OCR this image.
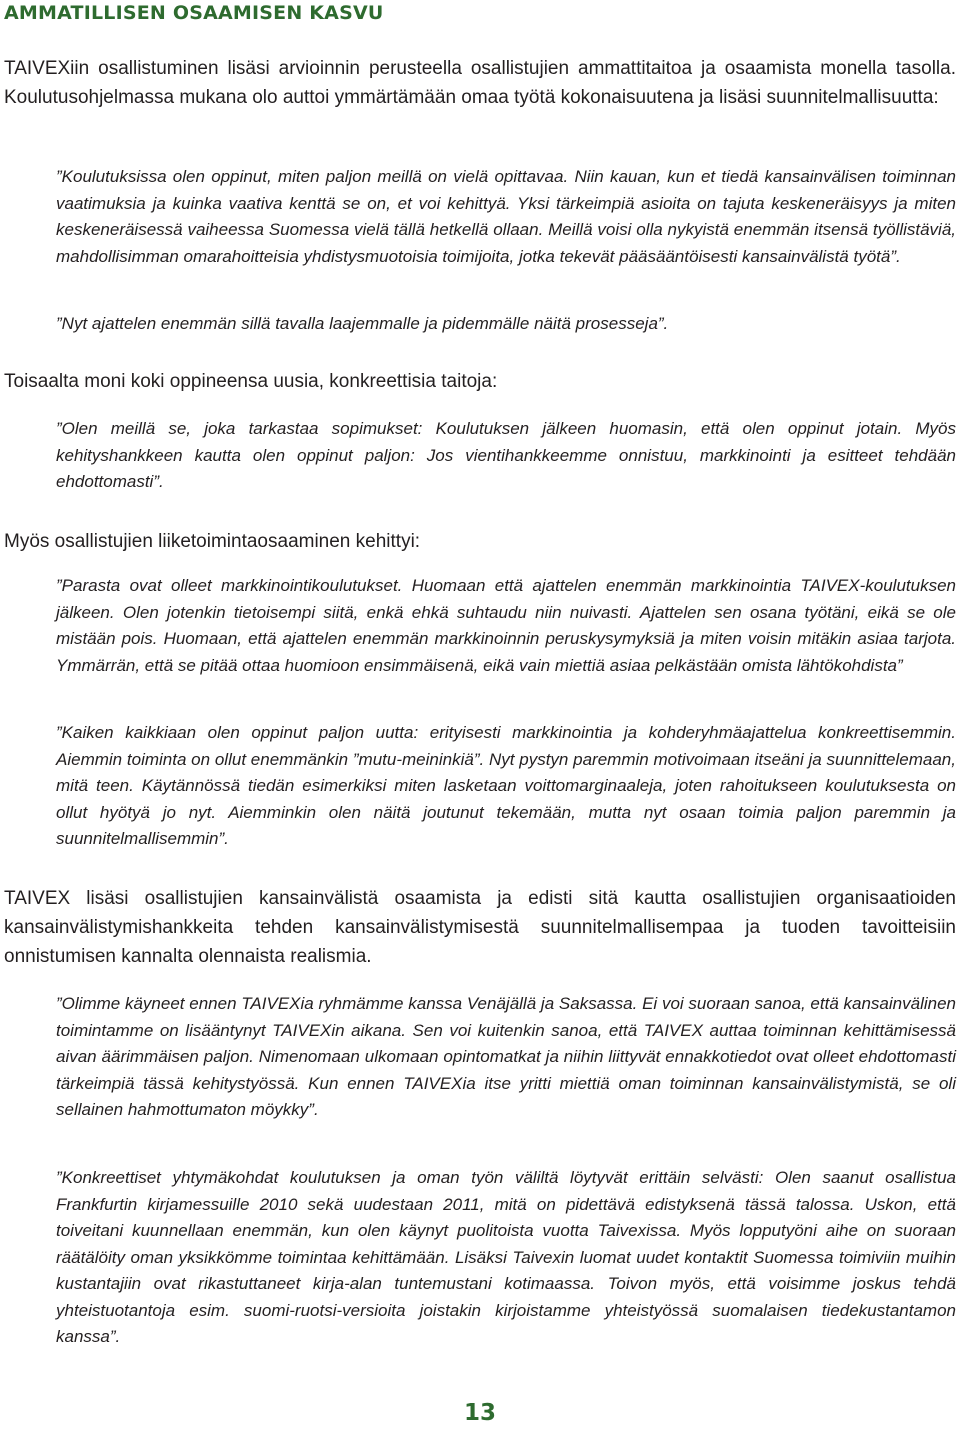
AMMATILLISEN OSAAMISEN KASVU

TAIVEXiin osallistuminen lisäsi arvioinnin perusteella osallistujien ammattitaitoa ja osaamista monella tasolla. Koulutusohjelmassa mukana olo auttoi ymmärtämään omaa työtä kokonaisuutena ja lisäsi suunnitelmallisuutta:

”Koulutuksissa olen oppinut, miten paljon meillä on vielä opittavaa. Niin kauan, kun et tiedä kansainvälisen toiminnan vaatimuksia ja kuinka vaativa kenttä se on, et voi kehittyä. Yksi tärkeimpiä asioita on tajuta keskeneräisyys ja miten keskeneräisessä vaiheessa Suomessa vielä tällä hetkellä ollaan. Meillä voisi olla nykyistä enemmän itsensä työllistäviä, mahdollisimman omarahoitteisia yhdistysmuotoisia toimijoita, jotka tekevät pääsääntöisesti kansainvälistä työtä”.

”Nyt ajattelen enemmän sillä tavalla laajemmalle ja pidemmälle näitä prosesseja”.

Toisaalta moni koki oppineensa uusia, konkreettisia taitoja:

”Olen meillä se, joka tarkastaa sopimukset: Koulutuksen jälkeen huomasin, että olen oppinut jotain. Myös kehityshankkeen kautta olen oppinut paljon: Jos vientihankkeemme onnistuu, markkinointi ja esitteet tehdään ehdottomasti”.

Myös osallistujien liiketoimintaosaaminen kehittyi:

”Parasta ovat olleet markkinointikoulutukset. Huomaan että ajattelen enemmän markkinointia TAIVEX-koulutuksen jälkeen. Olen jotenkin tietoisempi siitä, enkä ehkä suhtaudu niin nuivasti. Ajattelen sen osana työtäni, eikä se ole mistään pois. Huomaan, että ajattelen enemmän markkinoinnin peruskysymyksiä ja miten voisin mitäkin asiaa tarjota. Ymmärrän, että se pitää ottaa huomioon ensimmäisenä, eikä vain miettiä asiaa pelkästään omista lähtökohdista”

”Kaiken kaikkiaan olen oppinut paljon uutta: erityisesti markkinointia ja kohderyhmäajattelua konkreettisemmin. Aiemmin toiminta on ollut enemmänkin ”mutu-meininkiä”. Nyt pystyn paremmin motivoimaan itseäni ja suunnittelemaan, mitä teen. Käytännössä tiedän esimerkiksi miten lasketaan voittomarginaaleja, joten rahoitukseen koulutuksesta on ollut hyötyä jo nyt. Aiemminkin olen näitä joutunut tekemään, mutta nyt osaan toimia paljon paremmin ja suunnitelmallisemmin”.

TAIVEX lisäsi osallistujien kansainvälistä osaamista ja edisti sitä kautta osallistujien organisaatioiden kansainvälistymishankkeita tehden kansainvälistymisestä suunnitelmallisempaa ja tuoden tavoitteisiin onnistumisen kannalta olennaista realismia.

”Olimme käyneet ennen TAIVEXia ryhmämme kanssa Venäjällä ja Saksassa. Ei voi suoraan sanoa, että kansainvälinen toimintamme on lisääntynyt TAIVEXin aikana. Sen voi kuitenkin sanoa, että TAIVEX auttaa toiminnan kehittämisessä aivan äärimmäisen paljon. Nimenomaan ulkomaan opintomatkat ja niihin liittyvät ennakkotiedot ovat olleet ehdottomasti tärkeimpiä tässä kehitystyössä. Kun ennen TAIVEXia itse yritti miettiä oman toiminnan kansainvälistymistä, se oli sellainen hahmottumaton möykky”.

”Konkreettiset yhtymäkohdat koulutuksen ja oman työn väliltä löytyvät erittäin selvästi: Olen saanut osallistua Frankfurtin kirjamessuille 2010 sekä uudestaan 2011, mitä on pidettävä edistyksenä tässä talossa. Uskon, että toiveitani kuunnellaan enemmän, kun olen käynyt puolitoista vuotta Taivexissa. Myös lopputyöni aihe on suoraan räätälöity oman yksikkömme toimintaa kehittämään. Lisäksi Taivexin luomat uudet kontaktit Suomessa toimiviin muihin kustantajiin ovat rikastuttaneet kirja-alan tuntemustani kotimaassa. Toivon myös, että voisimme joskus tehdä yhteistuotantoja esim. suomi-ruotsi-versioita joistakin kirjoistamme yhteistyössä suomalaisen tiedekustantamon kanssa”.

13
